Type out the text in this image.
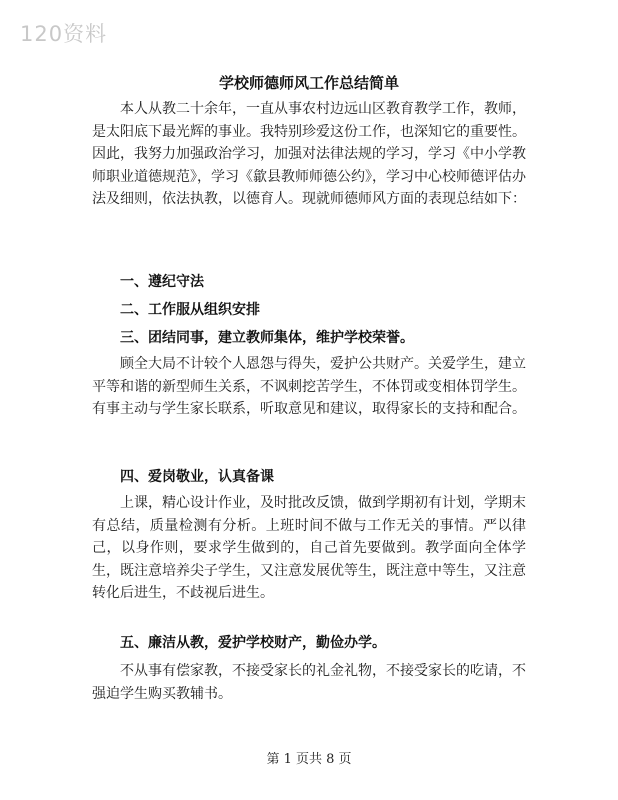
120资料
学校师德师风工作总结简单
本人从教二十余年，一直从事农村边远山区教育教学工作，教师，是太阳底下最光辉的事业。我特别珍爱这份工作，也深知它的重要性。因此，我努力加强政治学习，加强对法律法规的学习，学习《中小学教师职业道德规范》，学习《歙县教师师德公约》，学习中心校师德评估办法及细则，依法执教，以德育人。现就师德师风方面的表现总结如下：
一、遵纪守法
二、工作服从组织安排
三、团结同事，建立教师集体，维护学校荣誉。
顾全大局不计较个人恩怨与得失，爱护公共财产。关爱学生，建立平等和谐的新型师生关系，不讽刺挖苦学生，不体罚或变相体罚学生。有事主动与学生家长联系，听取意见和建议，取得家长的支持和配合。
四、爱岗敬业，认真备课
上课，精心设计作业，及时批改反馈，做到学期初有计划，学期末有总结，质量检测有分析。上班时间不做与工作无关的事情。严以律己，以身作则，要求学生做到的，自己首先要做到。教学面向全体学生，既注意培养尖子学生，又注意发展优等生，既注意中等生，又注意转化后进生，不歧视后进生。
五、廉洁从教，爱护学校财产，勤俭办学。
不从事有偿家教，不接受家长的礼金礼物，不接受家长的吃请，不强迫学生购买教辅书。
第 1 页共 8 页
